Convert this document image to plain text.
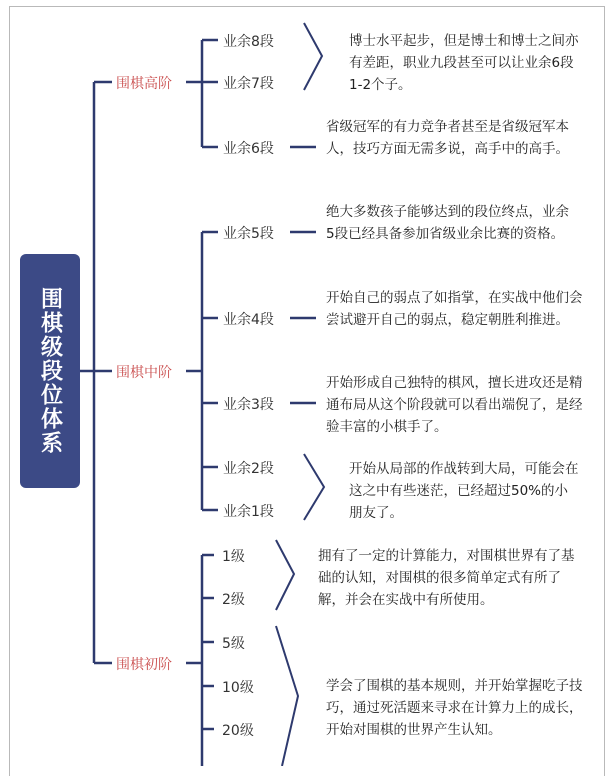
围棋级段位体系
围棋高阶
围棋中阶
围棋初阶
业余8段
业余7段
业余6段
业余5段
业余4段
业余3段
业余2段
业余1段
1级
2级
5级
10级
20级
博士水平起步，但是博士和博士之间亦有差距，职业九段甚至可以让业余6段1-2个子。
省级冠军的有力竞争者甚至是省级冠军本人，技巧方面无需多说，高手中的高手。
绝大多数孩子能够达到的段位终点，业余5段已经具备参加省级业余比赛的资格。
开始自己的弱点了如指掌，在实战中他们会尝试避开自己的弱点，稳定朝胜利推进。
开始形成自己独特的棋风，擅长进攻还是精通布局从这个阶段就可以看出端倪了，是经验丰富的小棋手了。
开始从局部的作战转到大局，可能会在这之中有些迷茫，已经超过50%的小朋友了。
拥有了一定的计算能力，对围棋世界有了基础的认知，对围棋的很多简单定式有所了解，并会在实战中有所使用。
学会了围棋的基本规则，并开始掌握吃子技巧，通过死活题来寻求在计算力上的成长，开始对围棋的世界产生认知。
